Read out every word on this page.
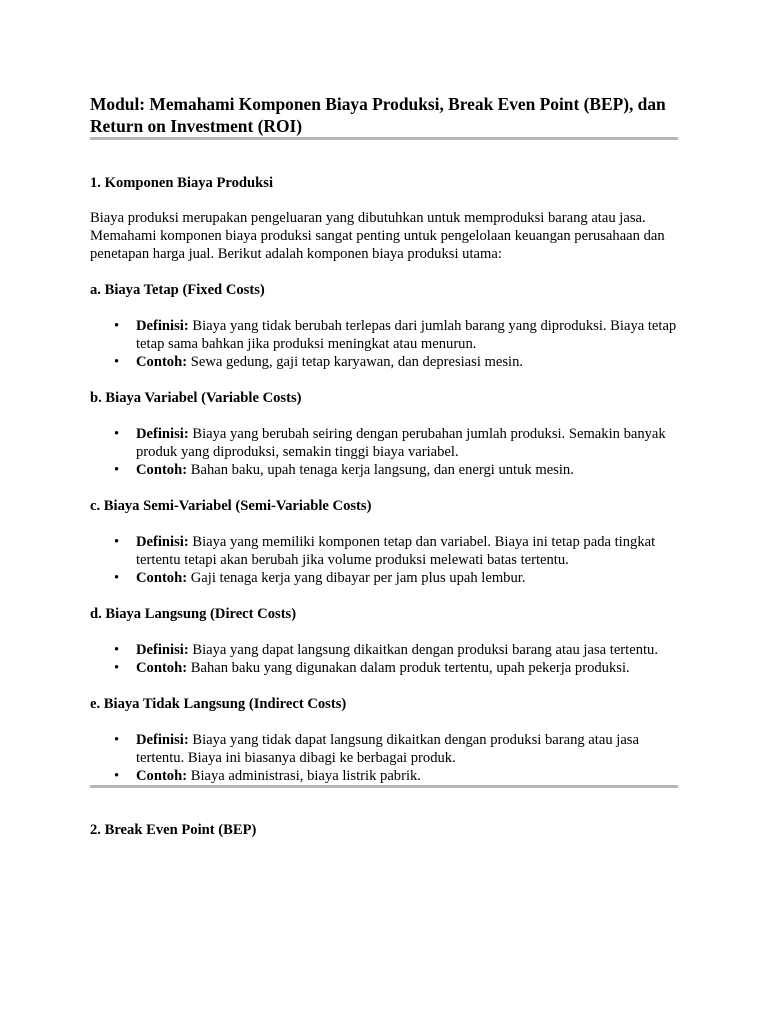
Modul: Memahami Komponen Biaya Produksi, Break Even Point (BEP), dan Return on Investment (ROI)
1. Komponen Biaya Produksi

Biaya produksi merupakan pengeluaran yang dibutuhkan untuk memproduksi barang atau jasa. Memahami komponen biaya produksi sangat penting untuk pengelolaan keuangan perusahaan dan penetapan harga jual. Berikut adalah komponen biaya produksi utama:

a. Biaya Tetap (Fixed Costs)
• Definisi: Biaya yang tidak berubah terlepas dari jumlah barang yang diproduksi. Biaya tetap tetap sama bahkan jika produksi meningkat atau menurun.
• Contoh: Sewa gedung, gaji tetap karyawan, dan depresiasi mesin.
b. Biaya Variabel (Variable Costs)
• Definisi: Biaya yang berubah seiring dengan perubahan jumlah produksi. Semakin banyak produk yang diproduksi, semakin tinggi biaya variabel.
• Contoh: Bahan baku, upah tenaga kerja langsung, dan energi untuk mesin.
c. Biaya Semi-Variabel (Semi-Variable Costs)
• Definisi: Biaya yang memiliki komponen tetap dan variabel. Biaya ini tetap pada tingkat tertentu tetapi akan berubah jika volume produksi melewati batas tertentu.
• Contoh: Gaji tenaga kerja yang dibayar per jam plus upah lembur.
d. Biaya Langsung (Direct Costs)
• Definisi: Biaya yang dapat langsung dikaitkan dengan produksi barang atau jasa tertentu.
• Contoh: Bahan baku yang digunakan dalam produk tertentu, upah pekerja produksi.
e. Biaya Tidak Langsung (Indirect Costs)
• Definisi: Biaya yang tidak dapat langsung dikaitkan dengan produksi barang atau jasa tertentu. Biaya ini biasanya dibagi ke berbagai produk.
• Contoh: Biaya administrasi, biaya listrik pabrik.
2. Break Even Point (BEP)
